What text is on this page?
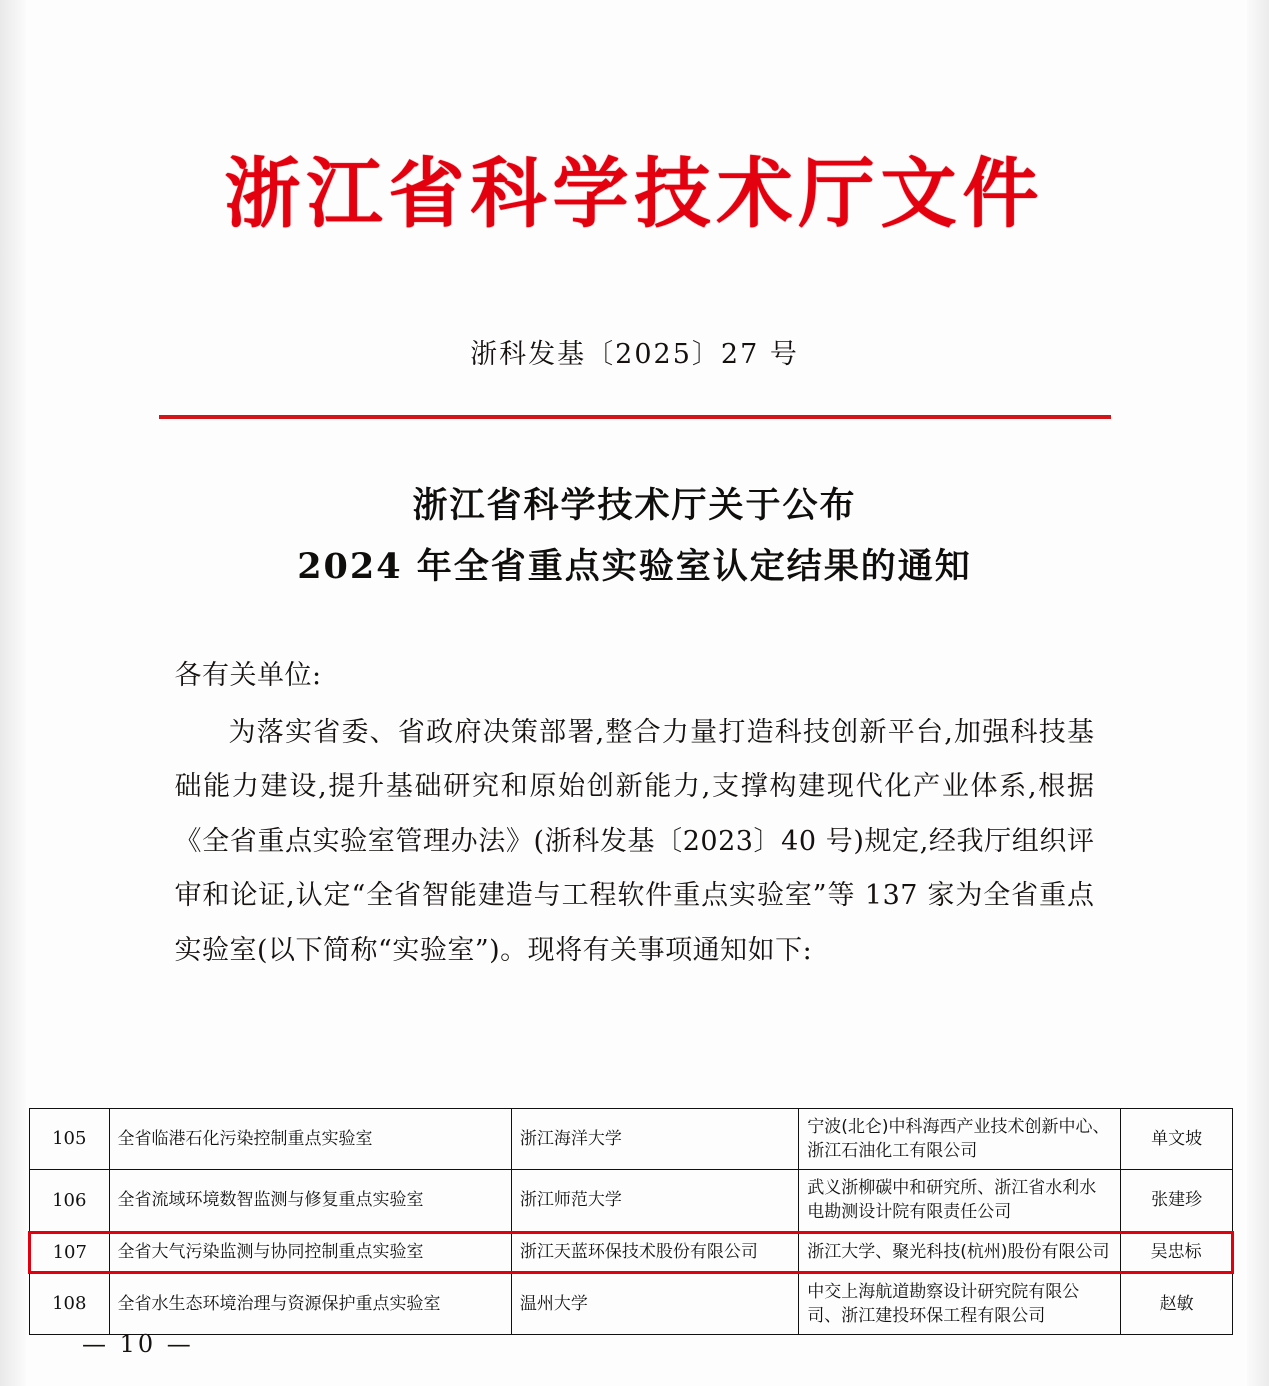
浙江省科学技术厅文件
浙科发基〔2025〕27 号
浙江省科学技术厅关于公布
2024 年全省重点实验室认定结果的通知

各有关单位:

为落实省委、省政府决策部署,整合力量打造科技创新平台,加强科技基础能力建设,提升基础研究和原始创新能力,支撑构建现代化产业体系,根据《全省重点实验室管理办法》(浙科发基〔2023〕40 号)规定,经我厅组织评审和论证,认定“全省智能建造与工程软件重点实验室”等 137 家为全省重点实验室(以下简称“实验室”)。现将有关事项通知如下:

105	全省临港石化污染控制重点实验室	浙江海洋大学	宁波(北仑)中科海西产业技术创新中心、浙江石油化工有限公司	单文坡
106	全省流域环境数智监测与修复重点实验室	浙江师范大学	武义浙柳碳中和研究所、浙江省水利水电勘测设计院有限责任公司	张建珍
107	全省大气污染监测与协同控制重点实验室	浙江天蓝环保技术股份有限公司	浙江大学、聚光科技(杭州)股份有限公司	吴忠标
108	全省水生态环境治理与资源保护重点实验室	温州大学	中交上海航道勘察设计研究院有限公司、浙江建投环保工程有限公司	赵敏
— 10 —
